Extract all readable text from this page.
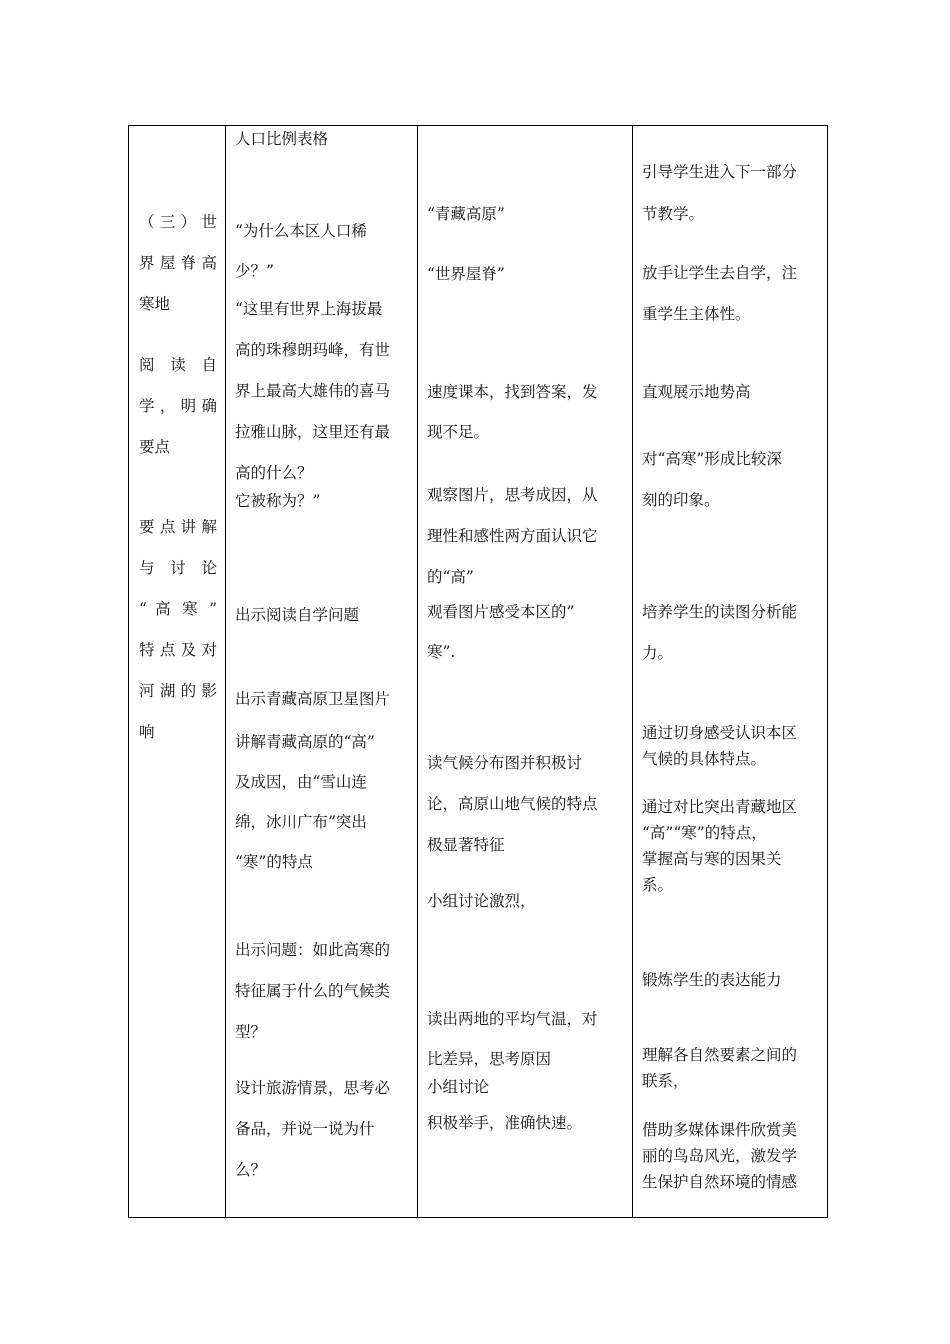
（三）世
界屋脊高
寒地
阅 读 自
学，明确
要点
要点讲解
与 讨 论
“ 高 寒 ”
特点及对
河湖的影
响
人口比例表格
“为什么本区人口稀
少？”
“这里有世界上海拔最
高的珠穆朗玛峰，有世
界上最高大雄伟的喜马
拉雅山脉，这里还有最
高的什么？
它被称为？”
出示阅读自学问题
出示青藏高原卫星图片
讲解青藏高原的“高”
及成因，由“雪山连
绵，冰川广布”突出
“寒”的特点
出示问题：如此高寒的
特征属于什么的气候类
型？
设计旅游情景，思考必
备品，并说一说为什
么？
“青藏高原”
“世界屋脊”
速度课本，找到答案，发
现不足。
观察图片，思考成因，从
理性和感性两方面认识它
的“高”
观看图片感受本区的”
寒”.
读气候分布图并积极讨
论，高原山地气候的特点
极显著特征
小组讨论激烈，
读出两地的平均气温，对
比差异，思考原因
小组讨论
积极举手，准确快速。
引导学生进入下一部分
节教学。
放手让学生去自学，注
重学生主体性。
直观展示地势高
对“高寒”形成比较深
刻的印象。
培养学生的读图分析能
力。
通过切身感受认识本区
气候的具体特点。
通过对比突出青藏地区
“高”“寒”的特点，
掌握高与寒的因果关
系。
锻炼学生的表达能力
理解各自然要素之间的
联系，
借助多媒体课件欣赏美
丽的鸟岛风光，激发学
生保护自然环境的情感
